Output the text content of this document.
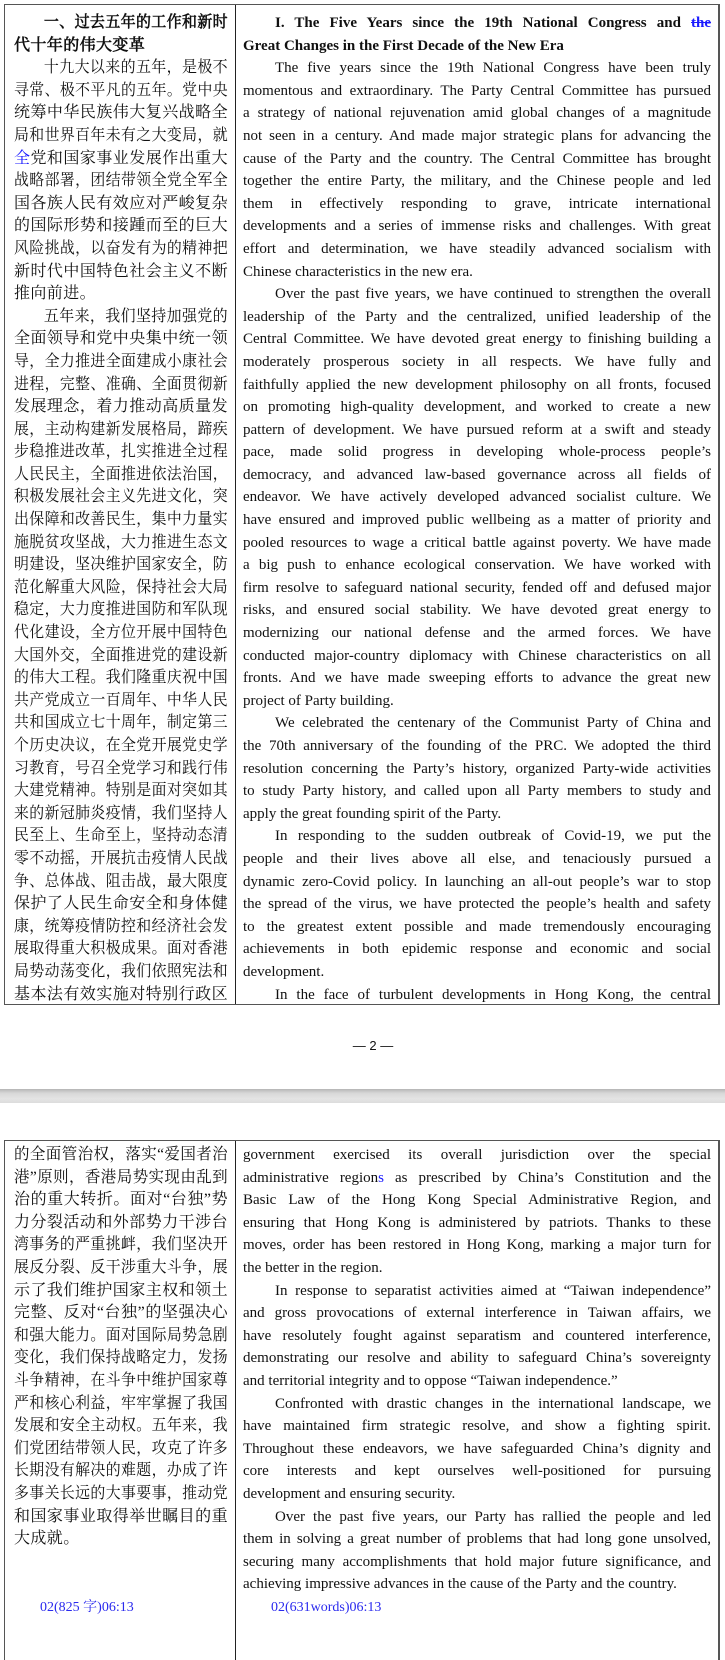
一、过去五年的工作和新时
代十年的伟大变革
十九大以来的五年，是极不
寻常、极不平凡的五年。党中央
统筹中华民族伟大复兴战略全
局和世界百年未有之大变局，就
全党和国家事业发展作出重大
战略部署，团结带领全党全军全
国各族人民有效应对严峻复杂
的国际形势和接踵而至的巨大
风险挑战，以奋发有为的精神把
新时代中国特色社会主义不断
推向前进。
五年来，我们坚持加强党的
全面领导和党中央集中统一领
导，全力推进全面建成小康社会
进程，完整、准确、全面贯彻新
发展理念，着力推动高质量发
展，主动构建新发展格局，蹄疾
步稳推进改革，扎实推进全过程
人民民主，全面推进依法治国，
积极发展社会主义先进文化，突
出保障和改善民生，集中力量实
施脱贫攻坚战，大力推进生态文
明建设，坚决维护国家安全，防
范化解重大风险，保持社会大局
稳定，大力度推进国防和军队现
代化建设，全方位开展中国特色
大国外交，全面推进党的建设新
的伟大工程。我们隆重庆祝中国
共产党成立一百周年、中华人民
共和国成立七十周年，制定第三
个历史决议，在全党开展党史学
习教育，号召全党学习和践行伟
大建党精神。特别是面对突如其
来的新冠肺炎疫情，我们坚持人
民至上、生命至上，坚持动态清
零不动摇，开展抗击疫情人民战
争、总体战、阻击战，最大限度
保护了人民生命安全和身体健
康，统筹疫情防控和经济社会发
展取得重大积极成果。面对香港
局势动荡变化，我们依照宪法和
基本法有效实施对特别行政区
I. The Five Years since the 19th National Congress and the
Great Changes in the First Decade of the New Era
The five years since the 19th National Congress have been truly
momentous and extraordinary. The Party Central Committee has pursued
a strategy of national rejuvenation amid global changes of a magnitude
not seen in a century. And made major strategic plans for advancing the
cause of the Party and the country. The Central Committee has brought
together the entire Party, the military, and the Chinese people and led
them in effectively responding to grave, intricate international
developments and a series of immense risks and challenges. With great
effort and determination, we have steadily advanced socialism with
Chinese characteristics in the new era.
Over the past five years, we have continued to strengthen the overall
leadership of the Party and the centralized, unified leadership of the
Central Committee. We have devoted great energy to finishing building a
moderately prosperous society in all respects. We have fully and
faithfully applied the new development philosophy on all fronts, focused
on promoting high-quality development, and worked to create a new
pattern of development. We have pursued reform at a swift and steady
pace, made solid progress in developing whole-process people’s
democracy, and advanced law-based governance across all fields of
endeavor. We have actively developed advanced socialist culture. We
have ensured and improved public wellbeing as a matter of priority and
pooled resources to wage a critical battle against poverty. We have made
a big push to enhance ecological conservation. We have worked with
firm resolve to safeguard national security, fended off and defused major
risks, and ensured social stability. We have devoted great energy to
modernizing our national defense and the armed forces. We have
conducted major-country diplomacy with Chinese characteristics on all
fronts. And we have made sweeping efforts to advance the great new
project of Party building.
We celebrated the centenary of the Communist Party of China and
the 70th anniversary of the founding of the PRC. We adopted the third
resolution concerning the Party’s history, organized Party-wide activities
to study Party history, and called upon all Party members to study and
apply the great founding spirit of the Party.
In responding to the sudden outbreak of Covid-19, we put the
people and their lives above all else, and tenaciously pursued a
dynamic zero-Covid policy. In launching an all-out people’s war to stop
the spread of the virus, we have protected the people’s health and safety
to the greatest extent possible and made tremendously encouraging
achievements in both epidemic response and economic and social
development.
In the face of turbulent developments in Hong Kong, the central
— 2 —
的全面管治权，落实“爱国者治
港”原则，香港局势实现由乱到
治的重大转折。面对“台独”势
力分裂活动和外部势力干涉台
湾事务的严重挑衅，我们坚决开
展反分裂、反干涉重大斗争，展
示了我们维护国家主权和领土
完整、反对“台独”的坚强决心
和强大能力。面对国际局势急剧
变化，我们保持战略定力，发扬
斗争精神，在斗争中维护国家尊
严和核心利益，牢牢掌握了我国
发展和安全主动权。五年来，我
们党团结带领人民，攻克了许多
长期没有解决的难题，办成了许
多事关长远的大事要事，推动党
和国家事业取得举世瞩目的重
大成就。
government exercised its overall jurisdiction over the special
administrative regions as prescribed by China’s Constitution and the
Basic Law of the Hong Kong Special Administrative Region, and
ensuring that Hong Kong is administered by patriots. Thanks to these
moves, order has been restored in Hong Kong, marking a major turn for
the better in the region.
In response to separatist activities aimed at “Taiwan independence”
and gross provocations of external interference in Taiwan affairs, we
have resolutely fought against separatism and countered interference,
demonstrating our resolve and ability to safeguard China’s sovereignty
and territorial integrity and to oppose “Taiwan independence.”
Confronted with drastic changes in the international landscape, we
have maintained firm strategic resolve, and show a fighting spirit.
Throughout these endeavors, we have safeguarded China’s dignity and
core interests and kept ourselves well-positioned for pursuing
development and ensuring security.
Over the past five years, our Party has rallied the people and led
them in solving a great number of problems that had long gone unsolved,
securing many accomplishments that hold major future significance, and
achieving impressive advances in the cause of the Party and the country.
02(825 字)06:13	02(631words)06:13
